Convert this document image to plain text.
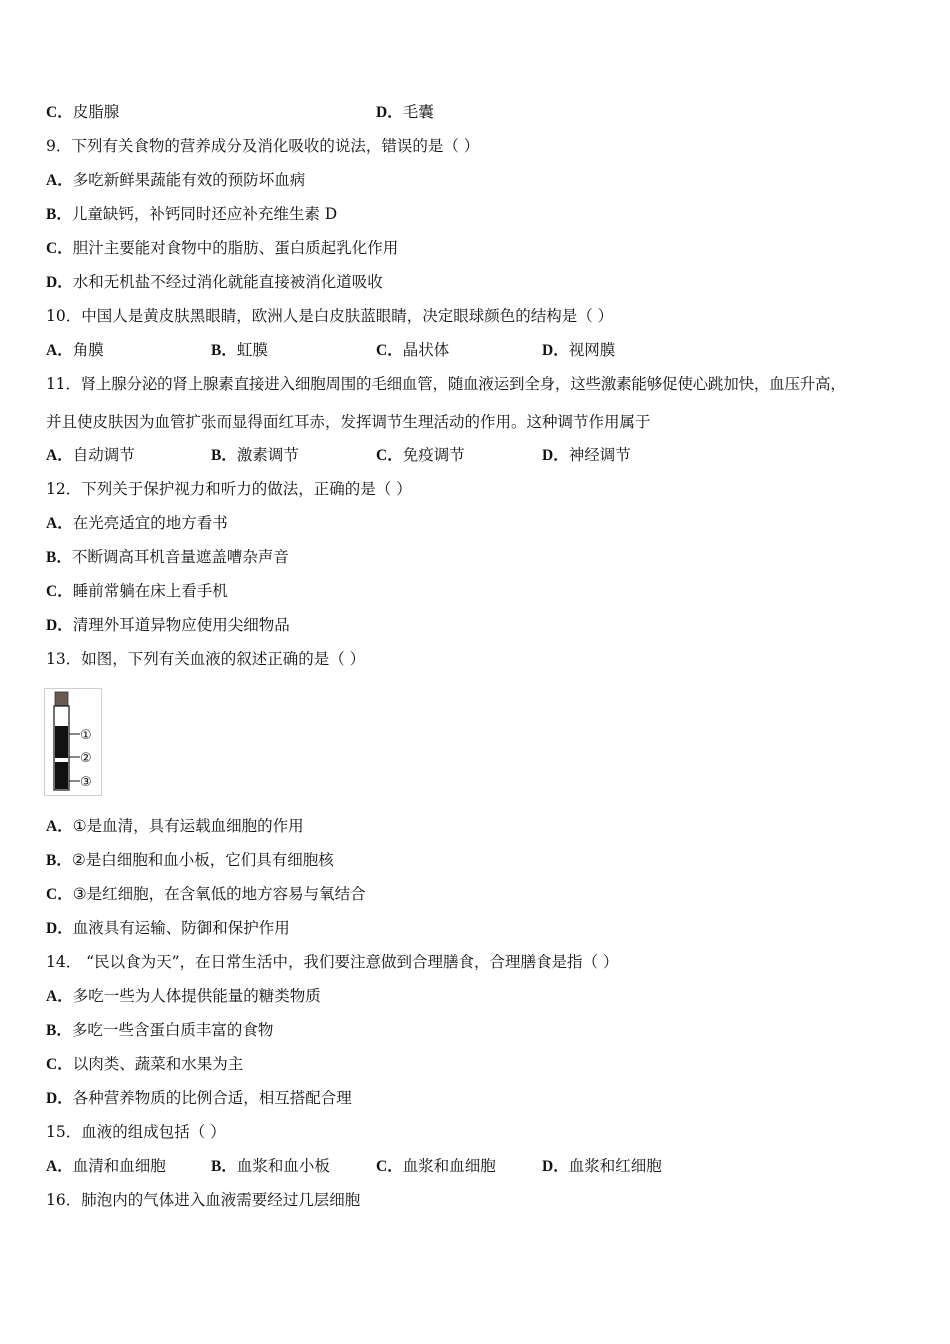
C．皮脂腺	D．毛囊
9．下列有关食物的营养成分及消化吸收的说法，错误的是（ ）
A．多吃新鲜果蔬能有效的预防坏血病
B．儿童缺钙，补钙同时还应补充维生素 D
C．胆汁主要能对食物中的脂肪、蛋白质起乳化作用
D．水和无机盐不经过消化就能直接被消化道吸收
10．中国人是黄皮肤黑眼睛，欧洲人是白皮肤蓝眼睛，决定眼球颜色的结构是（ ）
A．角膜	B．虹膜	C．晶状体	D．视网膜
11．肾上腺分泌的肾上腺素直接进入细胞周围的毛细血管，随血液运到全身，这些激素能够促使心跳加快，血压升高，
并且使皮肤因为血管扩张而显得面红耳赤，发挥调节生理活动的作用。这种调节作用属于
A．自动调节	B．激素调节	C．免疫调节	D．神经调节
12．下列关于保护视力和听力的做法，正确的是（ ）
A．在光亮适宜的地方看书
B．不断调高耳机音量遮盖嘈杂声音
C．睡前常躺在床上看手机
D．清理外耳道异物应使用尖细物品
13．如图，下列有关血液的叙述正确的是（ ）
①
②
③
A．①是血清，具有运载血细胞的作用
B．②是白细胞和血小板，它们具有细胞核
C．③是红细胞，在含氧低的地方容易与氧结合
D．血液具有运输、防御和保护作用
14． “民以食为天”，在日常生活中，我们要注意做到合理膳食，合理膳食是指（ ）
A．多吃一些为人体提供能量的糖类物质
B．多吃一些含蛋白质丰富的食物
C．以肉类、蔬菜和水果为主
D．各种营养物质的比例合适，相互搭配合理
15．血液的组成包括（ ）
A．血清和血细胞	B．血浆和血小板	C．血浆和血细胞	D．血浆和红细胞
16．肺泡内的气体进入血液需要经过几层细胞
